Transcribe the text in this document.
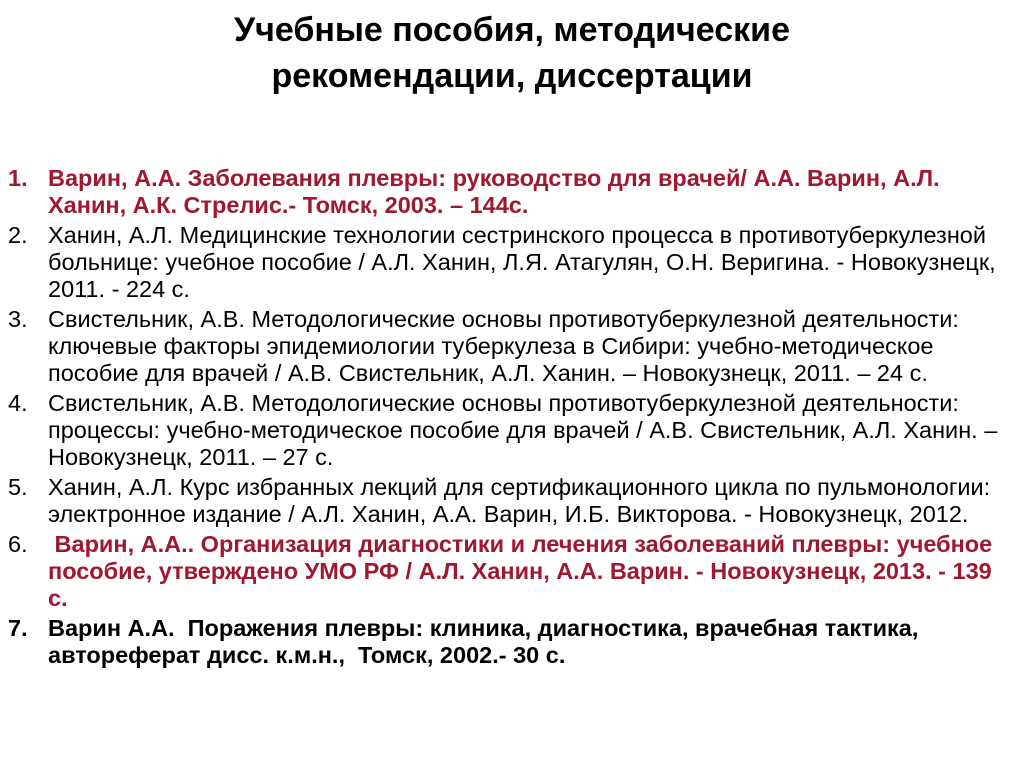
Учебные пособия, методические
рекомендации, диссертации
1. Варин, А.А. Заболевания плевры: руководство для врачей/ А.А. Варин, А.Л. Ханин, А.К. Стрелис.- Томск, 2003. – 144с.
2. Ханин, А.Л. Медицинские технологии сестринского процесса в противотуберкулезной больнице: учебное пособие / А.Л. Ханин, Л.Я. Атагулян, О.Н. Веригина. - Новокузнецк, 2011. - 224 с.
3. Свистельник, А.В. Методологические основы противотуберкулезной деятельности: ключевые факторы эпидемиологии туберкулеза в Сибири: учебно-методическое пособие для врачей / А.В. Свистельник, А.Л. Ханин. – Новокузнецк, 2011. – 24 с.
4. Свистельник, А.В. Методологические основы противотуберкулезной деятельности: процессы: учебно-методическое пособие для врачей / А.В. Свистельник, А.Л. Ханин. – Новокузнецк, 2011. – 27 с.
5. Ханин, А.Л. Курс избранных лекций для сертификационного цикла по пульмонологии: электронное издание / А.Л. Ханин, А.А. Варин, И.Б. Викторова. - Новокузнецк, 2012.
6. Варин, А.А.. Организация диагностики и лечения заболеваний плевры: учебное пособие, утверждено УМО РФ / А.Л. Ханин, А.А. Варин. - Новокузнецк, 2013. - 139 с.
7. Варин А.А.  Поражения плевры: клиника, диагностика, врачебная тактика, автореферат дисс. к.м.н.,  Томск, 2002.- 30 с.
